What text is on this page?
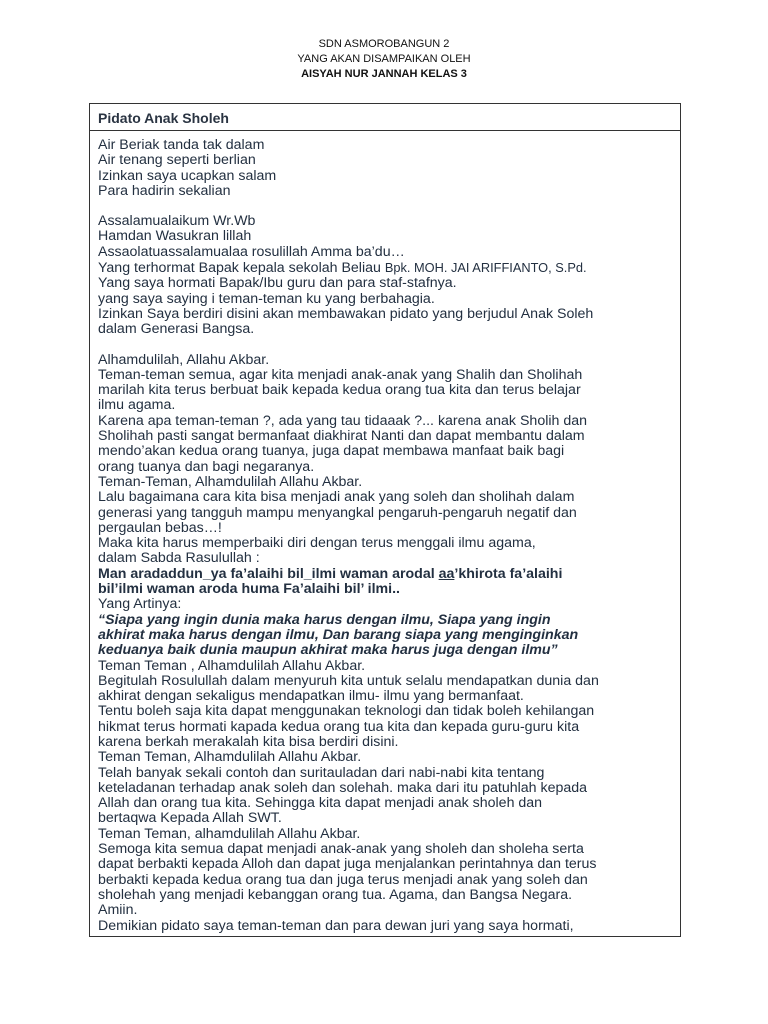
SDN ASMOROBANGUN 2
YANG AKAN DISAMPAIKAN OLEH
AISYAH NUR JANNAH KELAS 3
Pidato Anak Sholeh
Air Beriak tanda tak dalam
Air tenang seperti berlian
Izinkan saya ucapkan salam
Para hadirin sekalian
Assalamualaikum Wr.Wb
Hamdan Wasukran lillah
Assaolatuassalamualaa rosulillah Amma ba’du…
Yang terhormat Bapak kepala sekolah Beliau Bpk. MOH. JAI ARIFFIANTO, S.Pd.
Yang saya hormati Bapak/Ibu guru dan para staf-stafnya.
yang saya saying i teman-teman ku yang berbahagia.
Izinkan Saya berdiri disini akan membawakan pidato yang berjudul Anak Soleh
dalam Generasi Bangsa.
Alhamdulilah, Allahu Akbar.
Teman-teman semua, agar kita menjadi anak-anak yang Shalih dan Sholihah
marilah kita terus berbuat baik kepada kedua orang tua kita dan terus belajar
ilmu agama.
Karena apa teman-teman ?, ada yang tau tidaaak ?... karena anak Sholih dan
Sholihah pasti sangat bermanfaat diakhirat Nanti dan dapat membantu dalam
mendo’akan kedua orang tuanya, juga dapat membawa manfaat baik bagi
orang tuanya dan bagi negaranya.
Teman-Teman, Alhamdulilah Allahu Akbar.
Lalu bagaimana cara kita bisa menjadi anak yang soleh dan sholihah dalam
generasi yang tangguh mampu menyangkal pengaruh-pengaruh negatif dan
pergaulan bebas…!
Maka kita harus memperbaiki diri dengan terus menggali ilmu agama,
dalam Sabda Rasulullah :
Man aradaddun_ya fa’alaihi bil_ilmi waman arodal aa’khirota fa’alaihi
bil’ilmi waman aroda huma Fa’alaihi bil’ ilmi..
Yang Artinya:
“Siapa yang ingin dunia maka harus dengan ilmu, Siapa yang ingin
akhirat maka harus dengan ilmu, Dan barang siapa yang menginginkan
keduanya baik dunia maupun akhirat maka harus juga dengan ilmu”
Teman Teman , Alhamdulilah Allahu Akbar.
Begitulah Rosulullah dalam menyuruh kita untuk selalu mendapatkan dunia dan
akhirat dengan sekaligus mendapatkan ilmu- ilmu yang bermanfaat.
Tentu boleh saja kita dapat menggunakan teknologi dan tidak boleh kehilangan
hikmat terus hormati kapada kedua orang tua kita dan kepada guru-guru kita
karena berkah merakalah kita bisa berdiri disini.
Teman Teman, Alhamdulilah Allahu Akbar.
Telah banyak sekali contoh dan suritauladan dari nabi-nabi kita tentang
keteladanan terhadap anak soleh dan solehah. maka dari itu patuhlah kepada
Allah dan orang tua kita. Sehingga kita dapat menjadi anak sholeh dan
bertaqwa Kepada Allah SWT.
Teman Teman, alhamdulilah Allahu Akbar.
Semoga kita semua dapat menjadi anak-anak yang sholeh dan sholeha serta
dapat berbakti kepada Alloh dan dapat juga menjalankan perintahnya dan terus
berbakti kepada kedua orang tua dan juga terus menjadi anak yang soleh dan
sholehah yang menjadi kebanggan orang tua. Agama, dan Bangsa Negara.
Amiin.
Demikian pidato saya teman-teman dan para dewan juri yang saya hormati,
